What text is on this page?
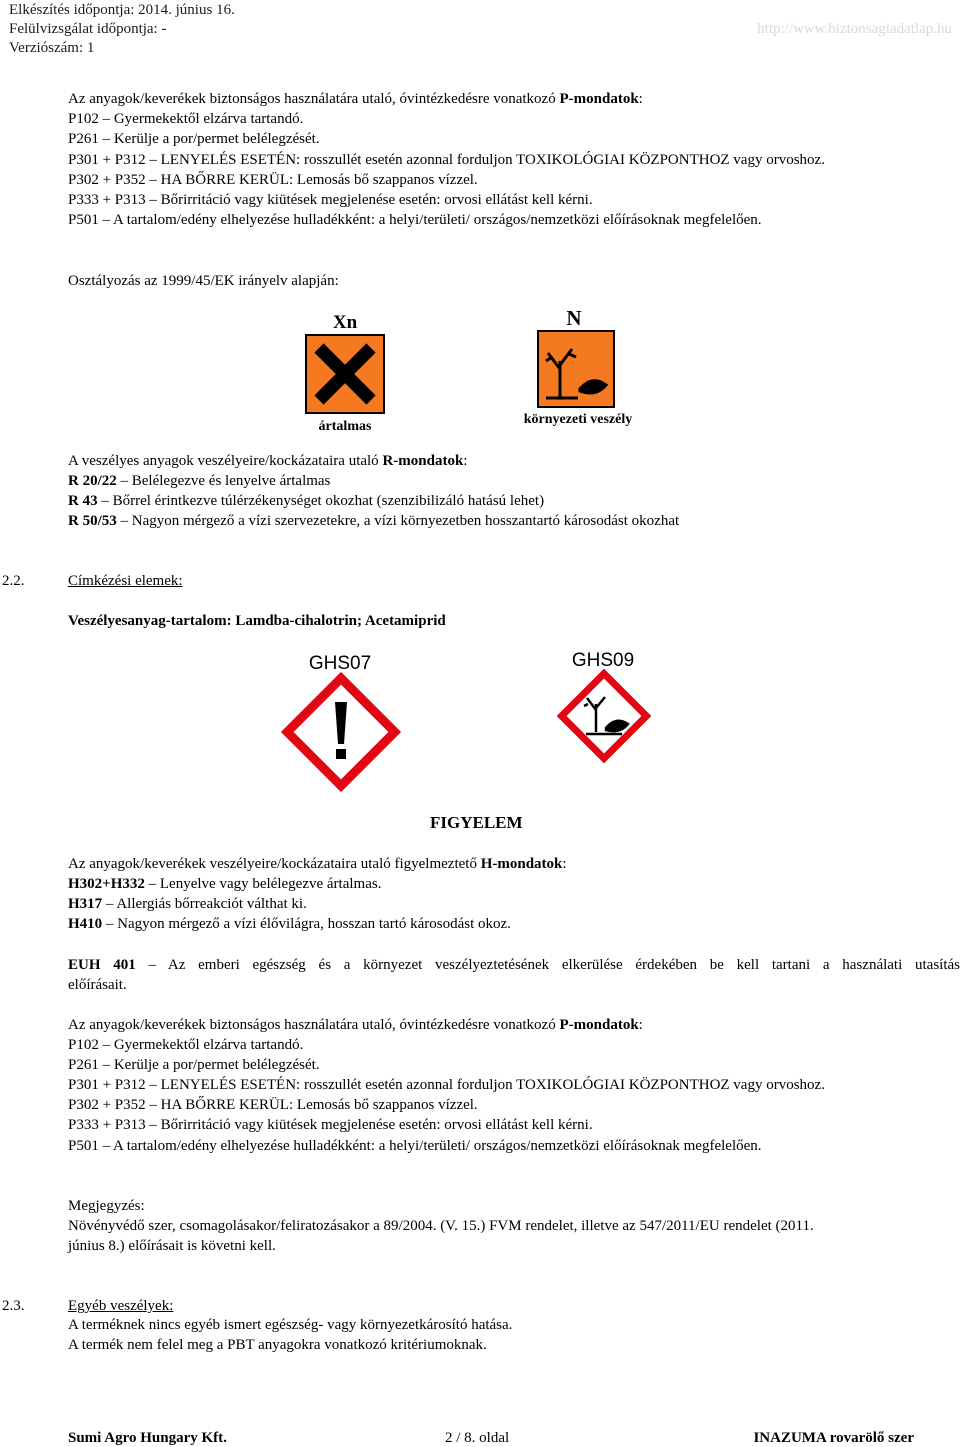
Elkészítés időpontja: 2014. június 16.
Felülvizsgálat időpontja: -
Verziószám: 1
http://www.biztonsagiadatlap.hu
Az anyagok/keverékek biztonságos használatára utaló, óvintézkedésre vonatkozó P-mondatok:
P102 – Gyermekektől elzárva tartandó.
P261 – Kerülje a por/permet belélegzését.
P301 + P312 – LENYELÉS ESETÉN: rosszullét esetén azonnal forduljon TOXIKOLÓGIAI KÖZPONTHOZ vagy orvoshoz.
P302 + P352 – HA BŐRRE KERÜL: Lemosás bő szappanos vízzel.
P333 + P313 – Bőrirritáció vagy kiütések megjelenése esetén: orvosi ellátást kell kérni.
P501 – A tartalom/edény elhelyezése hulladékként: a helyi/területi/ országos/nemzetközi előírásoknak megfelelően.
Osztályozás az 1999/45/EK irányelv alapján:
Xn
ártalmas
N
környezeti veszély
A veszélyes anyagok veszélyeire/kockázataira utaló R-mondatok:
R 20/22 – Belélegezve és lenyelve ártalmas
R 43 – Bőrrel érintkezve túlérzékenységet okozhat (szenzibilizáló hatású lehet)
R 50/53 – Nagyon mérgező a vízi szervezetekre, a vízi környezetben hosszantartó károsodást okozhat
2.2.	Címkézési elemek:
Veszélyesanyag-tartalom: Lamdba-cihalotrin; Acetamiprid
GHS07	GHS09
FIGYELEM
Az anyagok/keverékek veszélyeire/kockázataira utaló figyelmeztető H-mondatok:
H302+H332 – Lenyelve vagy belélegezve ártalmas.
H317 – Allergiás bőrreakciót válthat ki.
H410 – Nagyon mérgező a vízi élővilágra, hosszan tartó károsodást okoz.
EUH 401 – Az emberi egészség és a környezet veszélyeztetésének elkerülése érdekében be kell tartani a használati utasítás
előírásait.
Az anyagok/keverékek biztonságos használatára utaló, óvintézkedésre vonatkozó P-mondatok:
P102 – Gyermekektől elzárva tartandó.
P261 – Kerülje a por/permet belélegzését.
P301 + P312 – LENYELÉS ESETÉN: rosszullét esetén azonnal forduljon TOXIKOLÓGIAI KÖZPONTHOZ vagy orvoshoz.
P302 + P352 – HA BŐRRE KERÜL: Lemosás bő szappanos vízzel.
P333 + P313 – Bőrirritáció vagy kiütések megjelenése esetén: orvosi ellátást kell kérni.
P501 – A tartalom/edény elhelyezése hulladékként: a helyi/területi/ országos/nemzetközi előírásoknak megfelelően.
Megjegyzés:
Növényvédő szer, csomagolásakor/feliratozásakor a 89/2004. (V. 15.) FVM rendelet, illetve az 547/2011/EU rendelet (2011.
június 8.) előírásait is követni kell.
2.3.	Egyéb veszélyek:
A terméknek nincs egyéb ismert egészség- vagy környezetkárosító hatása.
A termék nem felel meg a PBT anyagokra vonatkozó kritériumoknak.
Sumi Agro Hungary Kft.	2 / 8. oldal	INAZUMA rovarölő szer
